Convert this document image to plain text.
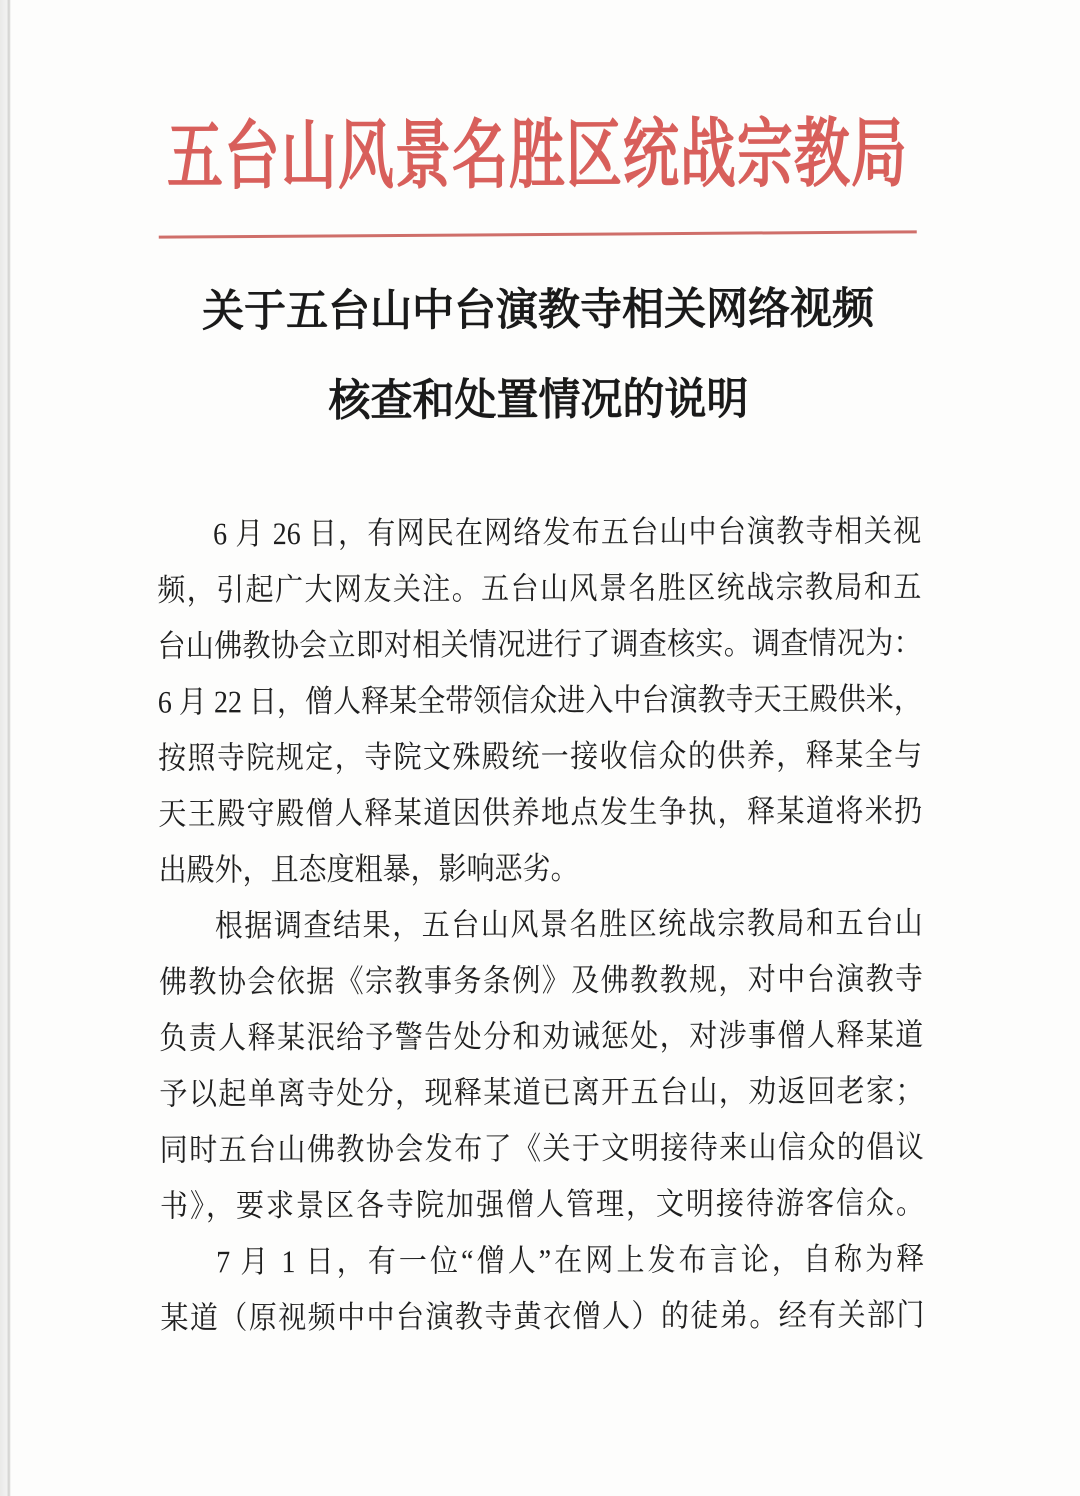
五台山风景名胜区统战宗教局
关于五台山中台演教寺相关网络视频
核查和处置情况的说明
6 月 26 日，有网民在网络发布五台山中台演教寺相关视
频，引起广大网友关注。五台山风景名胜区统战宗教局和五
台山佛教协会立即对相关情况进行了调查核实。调查情况为：
6 月 22 日，僧人释某全带领信众进入中台演教寺天王殿供米，
按照寺院规定，寺院文殊殿统一接收信众的供养，释某全与
天王殿守殿僧人释某道因供养地点发生争执，释某道将米扔
出殿外，且态度粗暴，影响恶劣。
根据调查结果，五台山风景名胜区统战宗教局和五台山
佛教协会依据《宗教事务条例》及佛教教规，对中台演教寺
负责人释某泯给予警告处分和劝诫惩处，对涉事僧人释某道
予以起单离寺处分，现释某道已离开五台山，劝返回老家；
同时五台山佛教协会发布了《关于文明接待来山信众的倡议
书》，要求景区各寺院加强僧人管理，文明接待游客信众。
7 月 1 日，有一位“僧人”在网上发布言论，自称为释
某道（原视频中中台演教寺黄衣僧人）的徒弟。经有关部门
